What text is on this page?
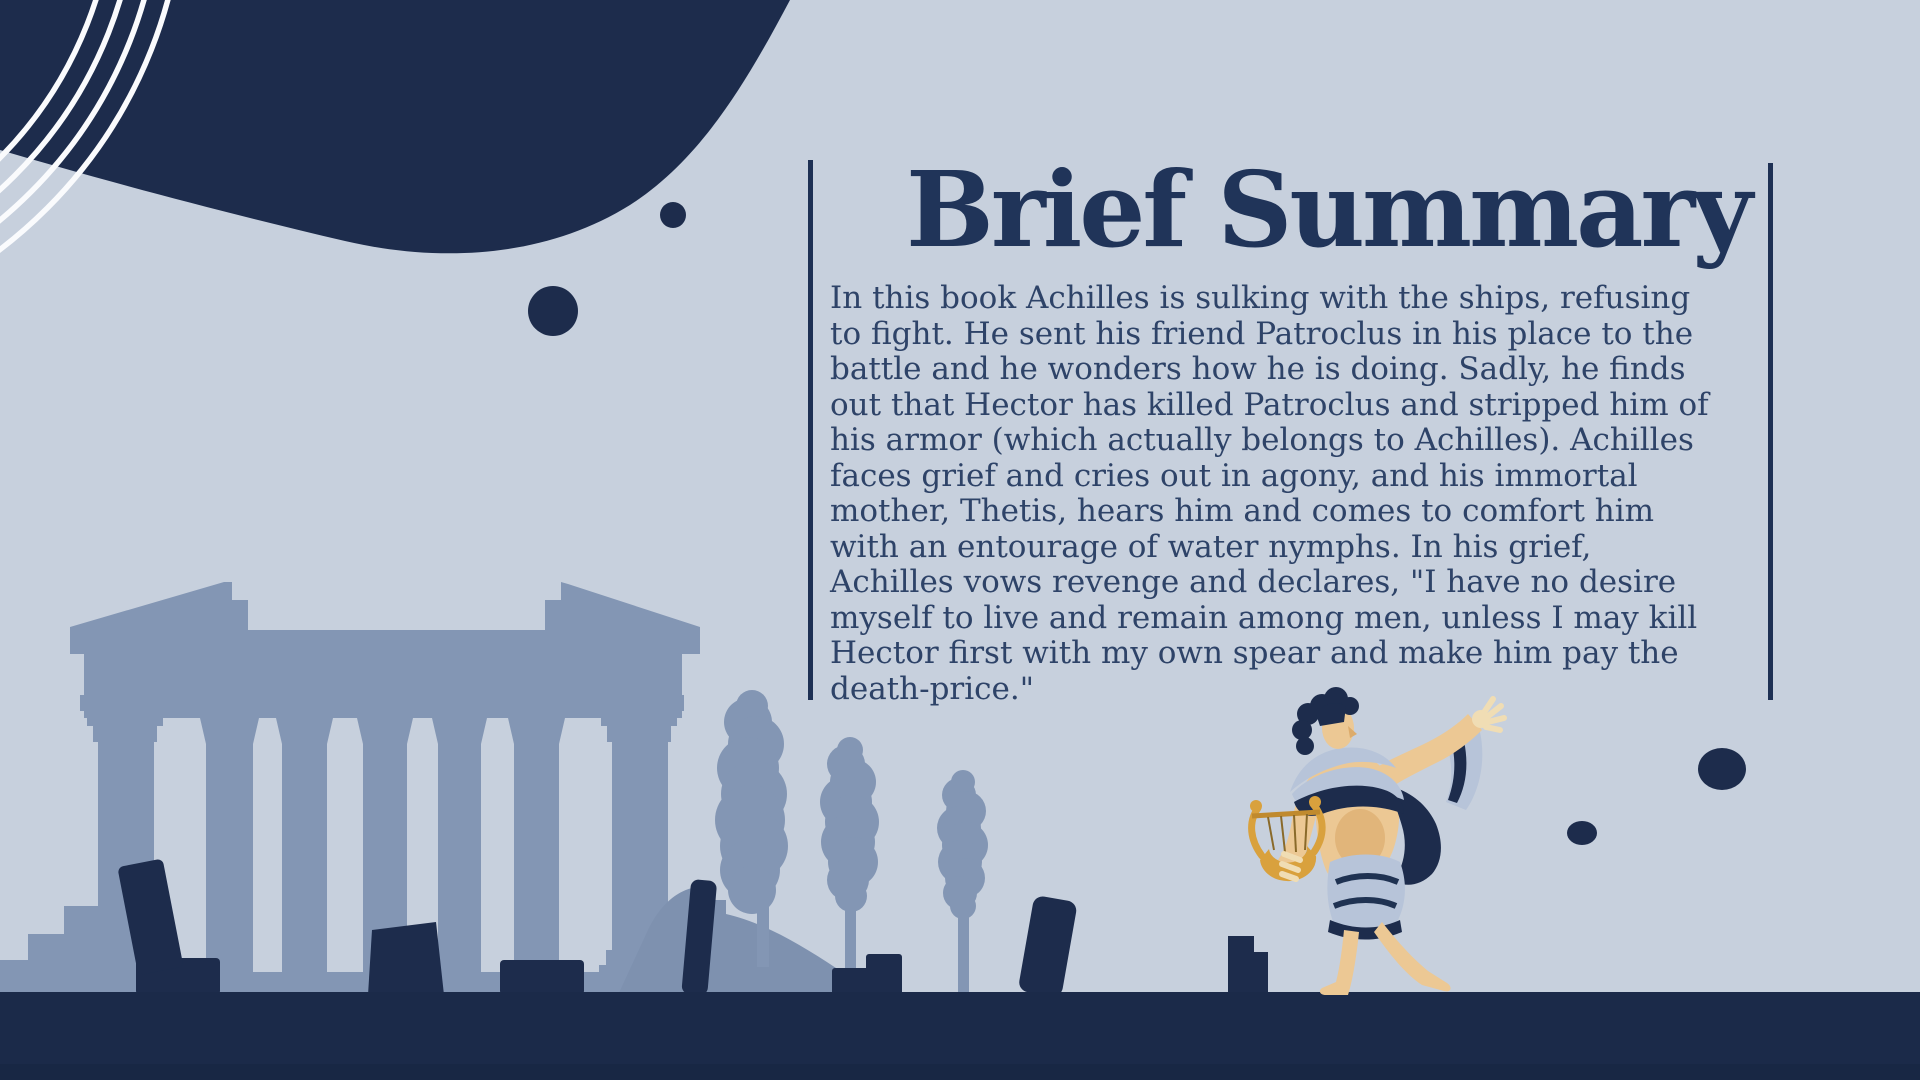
Brief Summary
In this book Achilles is sulking with the ships, refusing
to fight. He sent his friend Patroclus in his place to the
battle and he wonders how he is doing. Sadly, he finds
out that Hector has killed Patroclus and stripped him of
his armor (which actually belongs to Achilles). Achilles
faces grief and cries out in agony, and his immortal
mother, Thetis, hears him and comes to comfort him
with an entourage of water nymphs. In his grief,
Achilles vows revenge and declares, "I have no desire
myself to live and remain among men, unless I may kill
Hector first with my own spear and make him pay the
death-price."
